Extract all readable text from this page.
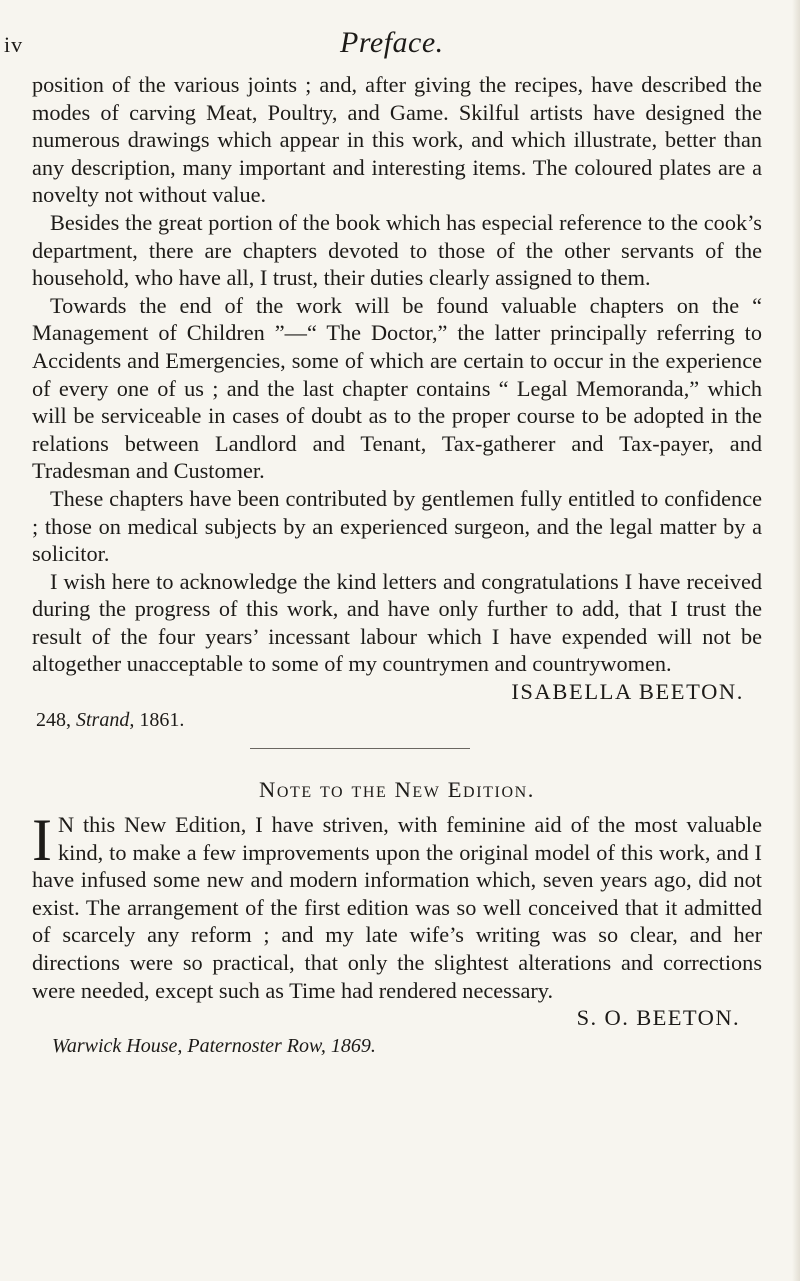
iv	Preface.

position of the various joints ; and, after giving the recipes, have described the modes of carving Meat, Poultry, and Game. Skilful artists have designed the numerous drawings which appear in this work, and which illustrate, better than any description, many important and interesting items. The coloured plates are a novelty not without value.

Besides the great portion of the book which has especial reference to the cook’s department, there are chapters devoted to those of the other servants of the household, who have all, I trust, their duties clearly assigned to them.

Towards the end of the work will be found valuable chapters on the “ Management of Children ”—“ The Doctor,” the latter principally referring to Accidents and Emergencies, some of which are certain to occur in the experience of every one of us ; and the last chapter contains “ Legal Memoranda,” which will be serviceable in cases of doubt as to the proper course to be adopted in the relations between Landlord and Tenant, Tax-gatherer and Tax-payer, and Tradesman and Customer.

These chapters have been contributed by gentlemen fully entitled to confidence ; those on medical subjects by an experienced surgeon, and the legal matter by a solicitor.

I wish here to acknowledge the kind letters and congratulations I have received during the progress of this work, and have only further to add, that I trust the result of the four years’ incessant labour which I have expended will not be altogether unacceptable to some of my countrymen and countrywomen.

ISABELLA BEETON.

248, Strand, 1861.

Note to the New Edition.
I N this New Edition, I have striven, with feminine aid of the most valuable kind, to make a few improvements upon the original model of this work, and I have infused some new and modern information which, seven years ago, did not exist. The arrangement of the first edition was so well conceived that it admitted of scarcely any reform ; and my late wife’s writing was so clear, and her directions were so practical, that only the slightest alterations and corrections were needed, except such as Time had rendered necessary.

S. O. BEETON.

Warwick House, Paternoster Row, 1869.
